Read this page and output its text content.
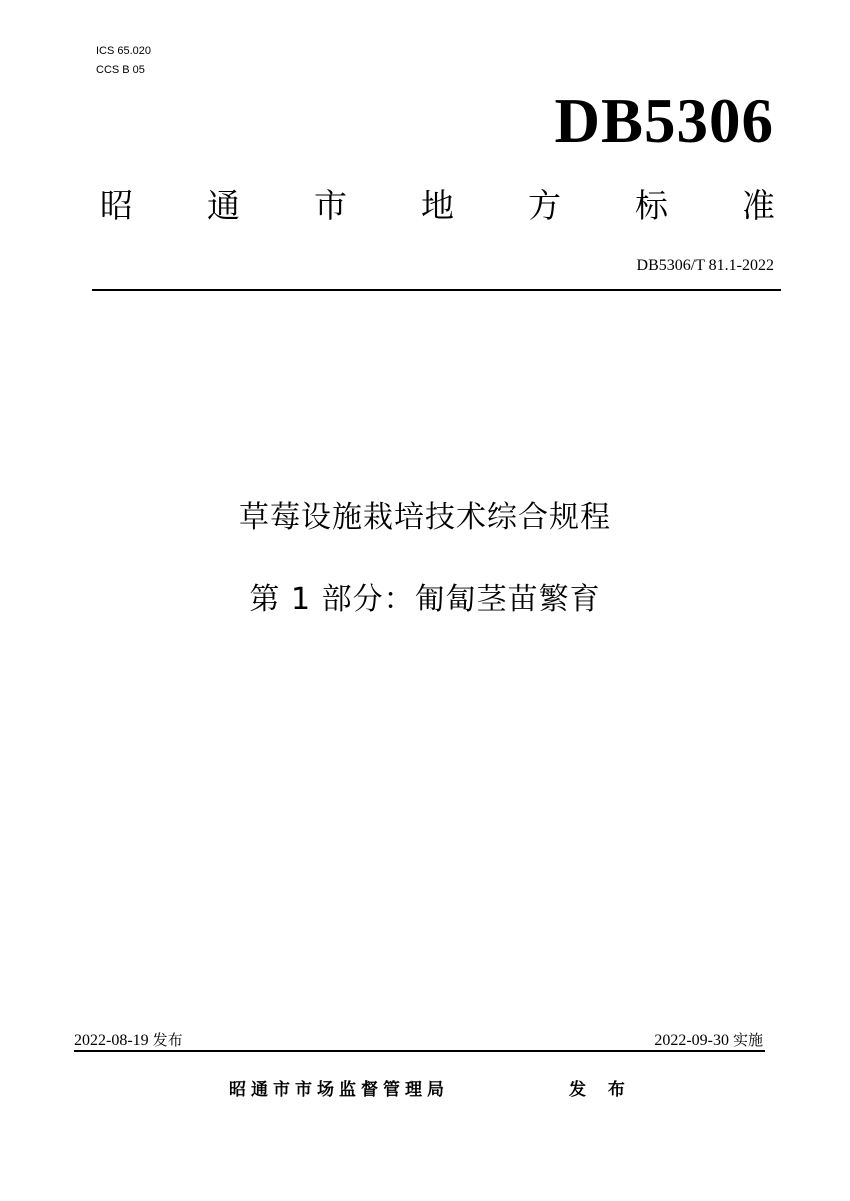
ICS 65.020
CCS B 05
DB5306
昭 通 市 地 方 标 准
DB5306/T 81.1-2022
草莓设施栽培技术综合规程
第 1 部分：匍匐茎苗繁育
2022-08-19 发布	2022-09-30 实施
昭通市市场监督管理局	发 布
